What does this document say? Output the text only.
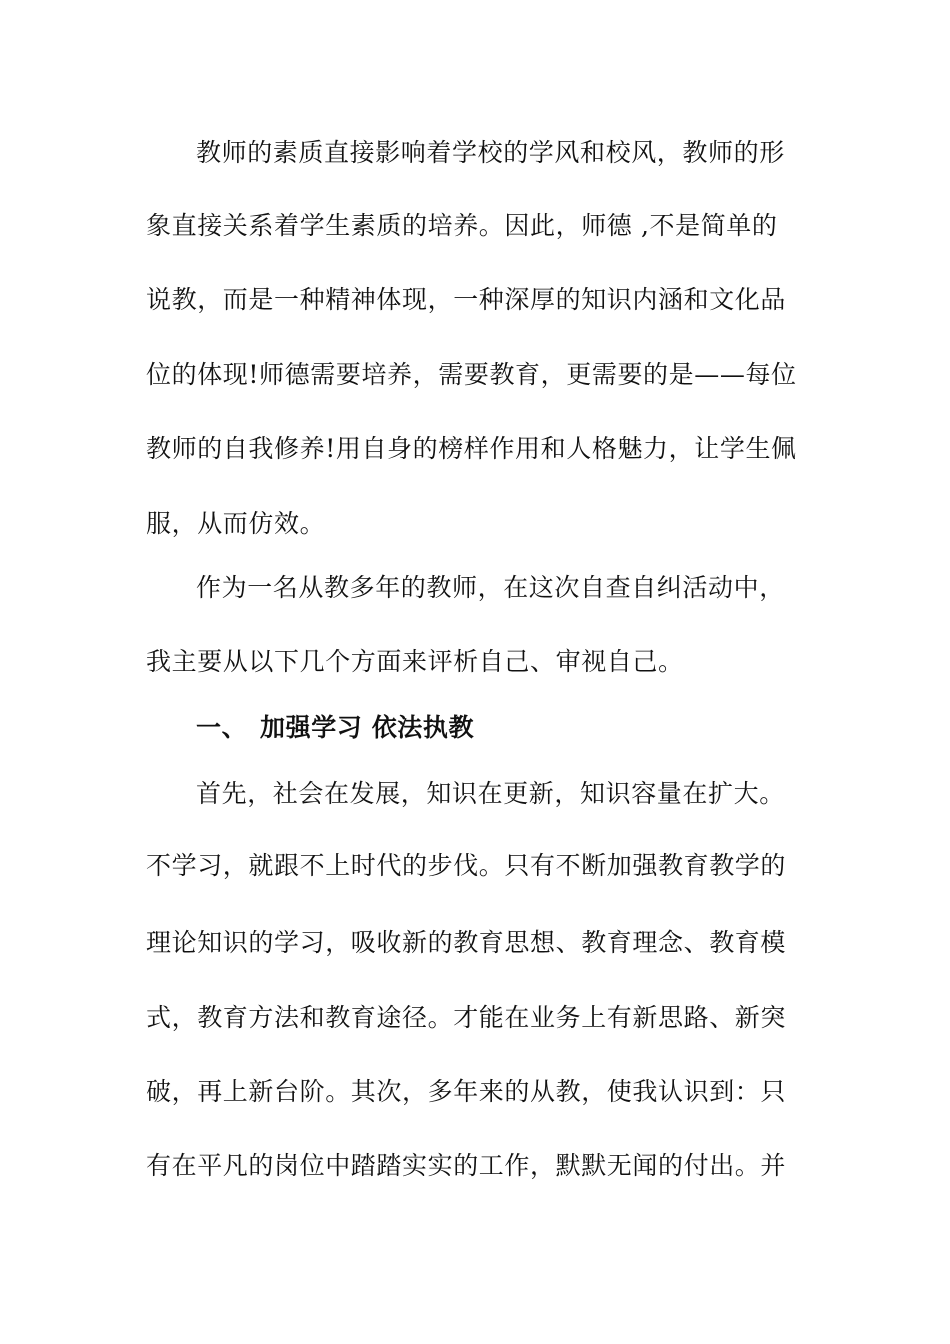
教师的素质直接影响着学校的学风和校风，教师的形
象直接关系着学生素质的培养。因此，师德 ,不是简单的
说教，而是一种精神体现，一种深厚的知识内涵和文化品
位的体现!师德需要培养，需要教育，更需要的是——每位
教师的自我修养!用自身的榜样作用和人格魅力，让学生佩
服，从而仿效。
作为一名从教多年的教师，在这次自查自纠活动中，
我主要从以下几个方面来评析自己、审视自己。
一、 加强学习 依法执教
首先，社会在发展，知识在更新，知识容量在扩大。
不学习，就跟不上时代的步伐。只有不断加强教育教学的
理论知识的学习，吸收新的教育思想、教育理念、教育模
式，教育方法和教育途径。才能在业务上有新思路、新突
破，再上新台阶。其次，多年来的从教，使我认识到：只
有在平凡的岗位中踏踏实实的工作，默默无闻的付出。并
